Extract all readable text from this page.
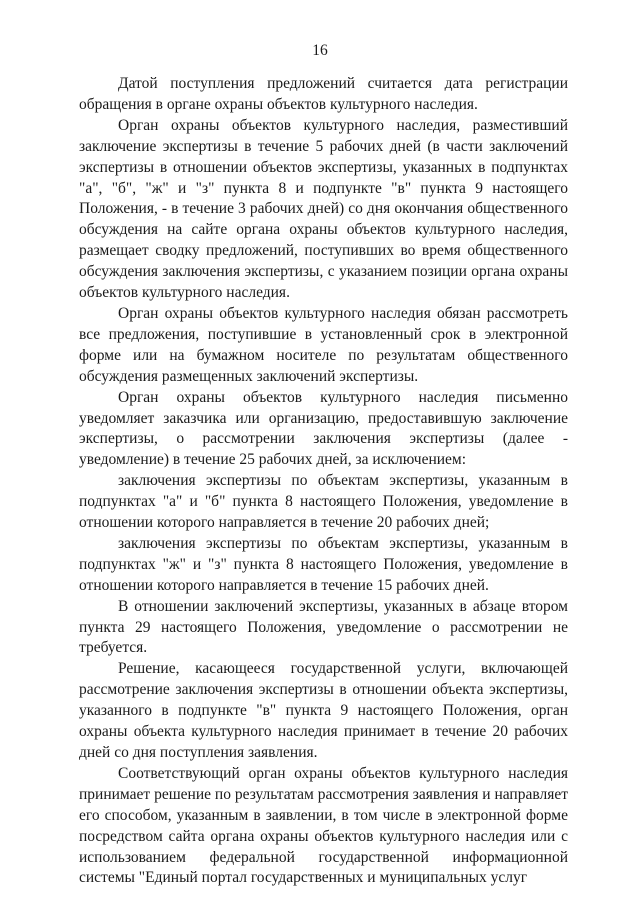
16

Датой поступления предложений считается дата регистрации обращения в органе охраны объектов культурного наследия.

Орган охраны объектов культурного наследия, разместивший заключение экспертизы в течение 5 рабочих дней (в части заключений экспертизы в отношении объектов экспертизы, указанных в подпунктах "а", "б", "ж" и "з" пункта 8 и подпункте "в" пункта 9 настоящего Положения, - в течение 3 рабочих дней) со дня окончания общественного обсуждения на сайте органа охраны объектов культурного наследия, размещает сводку предложений, поступивших во время общественного обсуждения заключения экспертизы, с указанием позиции органа охраны объектов культурного наследия.

Орган охраны объектов культурного наследия обязан рассмотреть все предложения, поступившие в установленный срок в электронной форме или на бумажном носителе по результатам общественного обсуждения размещенных заключений экспертизы.

Орган охраны объектов культурного наследия письменно уведомляет заказчика или организацию, предоставившую заключение экспертизы, о рассмотрении заключения экспертизы (далее - уведомление) в течение 25 рабочих дней, за исключением:

заключения экспертизы по объектам экспертизы, указанным в подпунктах "а" и "б" пункта 8 настоящего Положения, уведомление в отношении которого направляется в течение 20 рабочих дней;

заключения экспертизы по объектам экспертизы, указанным в подпунктах "ж" и "з" пункта 8 настоящего Положения, уведомление в отношении которого направляется в течение 15 рабочих дней.

В отношении заключений экспертизы, указанных в абзаце втором пункта 29 настоящего Положения, уведомление о рассмотрении не требуется.

Решение, касающееся государственной услуги, включающей рассмотрение заключения экспертизы в отношении объекта экспертизы, указанного в подпункте "в" пункта 9 настоящего Положения, орган охраны объекта культурного наследия принимает в течение 20 рабочих дней со дня поступления заявления.

Соответствующий орган охраны объектов культурного наследия принимает решение по результатам рассмотрения заявления и направляет его способом, указанным в заявлении, в том числе в электронной форме посредством сайта органа охраны объектов культурного наследия или с использованием федеральной государственной информационной системы "Единый портал государственных и муниципальных услуг
